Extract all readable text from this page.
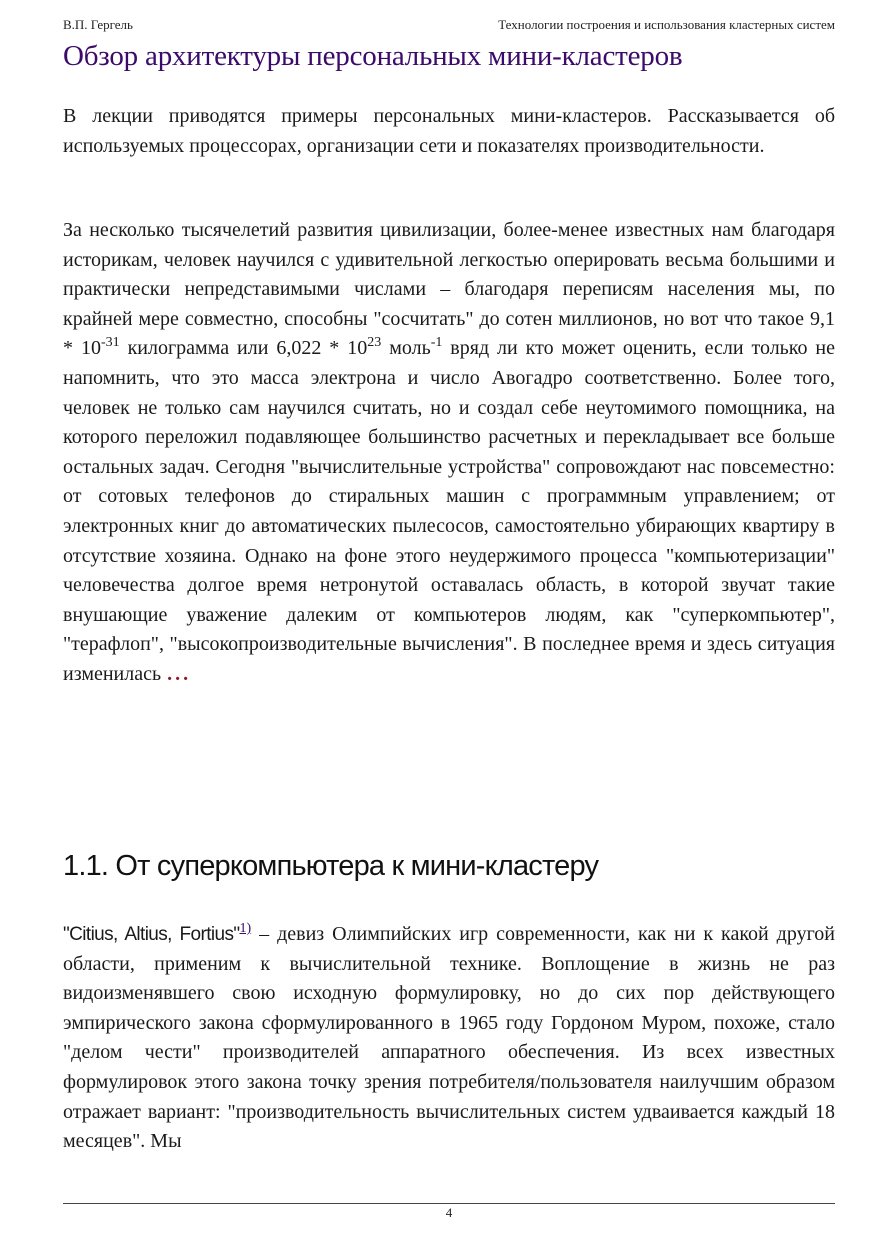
В.П. Гергель	Технологии построения и использования кластерных систем
Обзор архитектуры персональных мини-кластеров

В лекции приводятся примеры персональных мини-кластеров. Рассказывается об используемых процессорах, организации сети и показателях производительности.

За несколько тысячелетий развития цивилизации, более-менее известных нам благодаря историкам, человек научился с удивительной легкостью оперировать весьма большими и практически непредставимыми числами – благодаря переписям населения мы, по крайней мере совместно, способны "сосчитать" до сотен миллионов, но вот что такое $9,1 * 10^{-31}$ килограмма или $6,022 * 10^{23}$ моль$^{-1}$ вряд ли кто может оценить, если только не напомнить, что это масса электрона и число Авогадро соответственно. Более того, человек не только сам научился считать, но и создал себе неутомимого помощника, на которого переложил подавляющее большинство расчетных и перекладывает все больше остальных задач. Сегодня "вычислительные устройства" сопровождают нас повсеместно: от сотовых телефонов до стиральных машин с программным управлением; от электронных книг до автоматических пылесосов, самостоятельно убирающих квартиру в отсутствие хозяина. Однако на фоне этого неудержимого процесса "компьютеризации" человечества долгое время нетронутой оставалась область, в которой звучат такие внушающие уважение далеким от компьютеров людям, как "суперкомпьютер", "терафлоп", "высокопроизводительные вычисления". В последнее время и здесь ситуация изменилась ...

1.1. От суперкомпьютера к мини-кластеру

"Citius, Altius, Fortius"$^{1)}$ – девиз Олимпийских игр современности, как ни к какой другой области, применим к вычислительной технике. Воплощение в жизнь не раз видоизменявшего свою исходную формулировку, но до сих пор действующего эмпирического закона сформулированного в 1965 году Гордоном Муром, похоже, стало "делом чести" производителей аппаратного обеспечения. Из всех известных формулировок этого закона точку зрения потребителя/пользователя наилучшим образом отражает вариант: "производительность вычислительных систем удваивается каждый 18 месяцев". Мы

4
